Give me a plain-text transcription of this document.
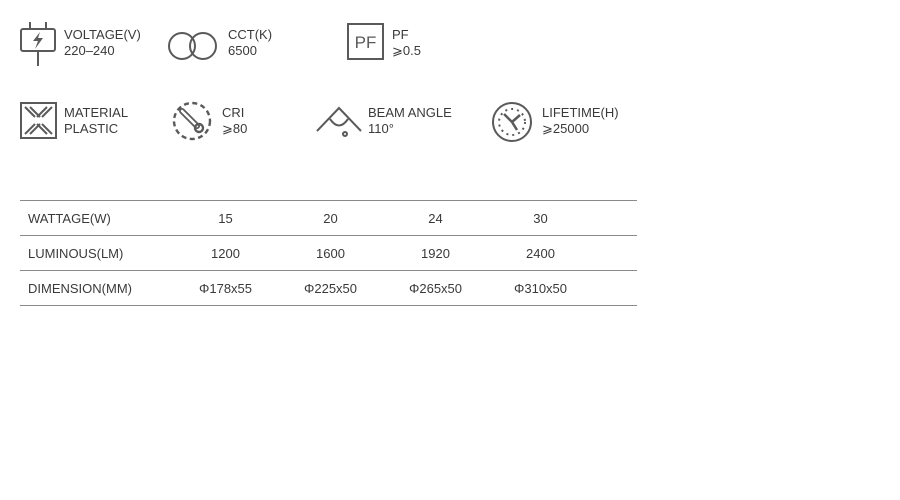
VOLTAGE(V)
220–240
CCT(K)
6500	PF PF
⩾0.5
MATERIAL
PLASTIC
CRI
⩾80
BEAM ANGLE
110°
LIFETIME(H)
⩾25000
WATTAGE(W)	15	20	24	30	
LUMINOUS(LM)	1200	1600	1920	2400	
DIMENSION(MM)	Φ178x55	Φ225x50	Φ265x50	Φ310x50	
